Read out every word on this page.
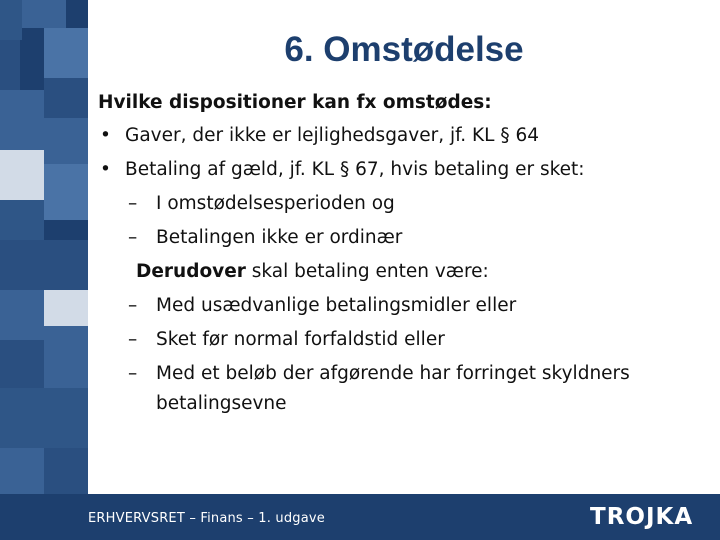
6. Omstødelse
Hvilke dispositioner kan fx omstødes:
• Gaver, der ikke er lejlighedsgaver, jf. KL § 64
• Betaling af gæld, jf. KL § 67, hvis betaling er sket:
– I omstødelsesperioden og
– Betalingen ikke er ordinær
Derudover skal betaling enten være:
– Med usædvanlige betalingsmidler eller
– Sket før normal forfaldstid eller
– Med et beløb der afgørende har forringet skyldners betalingsevne
ERHVERVSRET – Finans – 1. udgave	TROJKA
